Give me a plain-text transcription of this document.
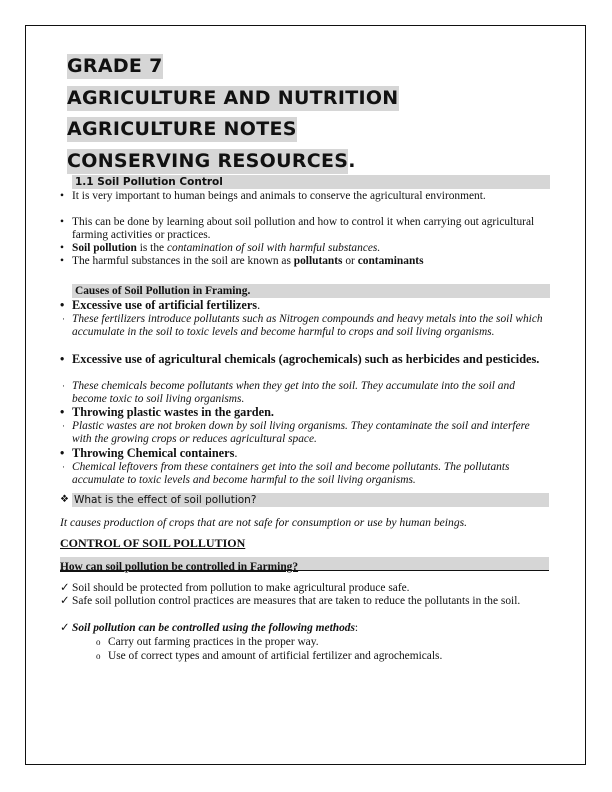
GRADE 7
AGRICULTURE AND NUTRITION
AGRICULTURE NOTES
CONSERVING RESOURCES.
1.1 Soil Pollution Control
• It is very important to human beings and animals to conserve the agricultural environment.
• This can be done by learning about soil pollution and how to control it when carrying out agricultural farming activities or practices.
• Soil pollution is the contamination of soil with harmful substances.
• The harmful substances in the soil are known as pollutants or contaminants
Causes of Soil Pollution in Framing.
• Excessive use of artificial fertilizers.
· These fertilizers introduce pollutants such as Nitrogen compounds and heavy metals into the soil which accumulate in the soil to toxic levels and become harmful to crops and soil living organisms.
• Excessive use of agricultural chemicals (agrochemicals) such as herbicides and pesticides.
· These chemicals become pollutants when they get into the soil. They accumulate into the soil and become toxic to soil living organisms.
• Throwing plastic wastes in the garden.
· Plastic wastes are not broken down by soil living organisms. They contaminate the soil and interfere with the growing crops or reduces agricultural space.
• Throwing Chemical containers.
· Chemical leftovers from these containers get into the soil and become pollutants. The pollutants accumulate to toxic levels and become harmful to the soil living organisms.
❖ What is the effect of soil pollution?
It causes production of crops that are not safe for consumption or use by human beings.
CONTROL OF SOIL POLLUTION
How can soil pollution be controlled in Farming?
✓ Soil should be protected from pollution to make agricultural produce safe.
✓ Safe soil pollution control practices are measures that are taken to reduce the pollutants in the soil.
✓ Soil pollution can be controlled using the following methods:
o Carry out farming practices in the proper way.
o Use of correct types and amount of artificial fertilizer and agrochemicals.
